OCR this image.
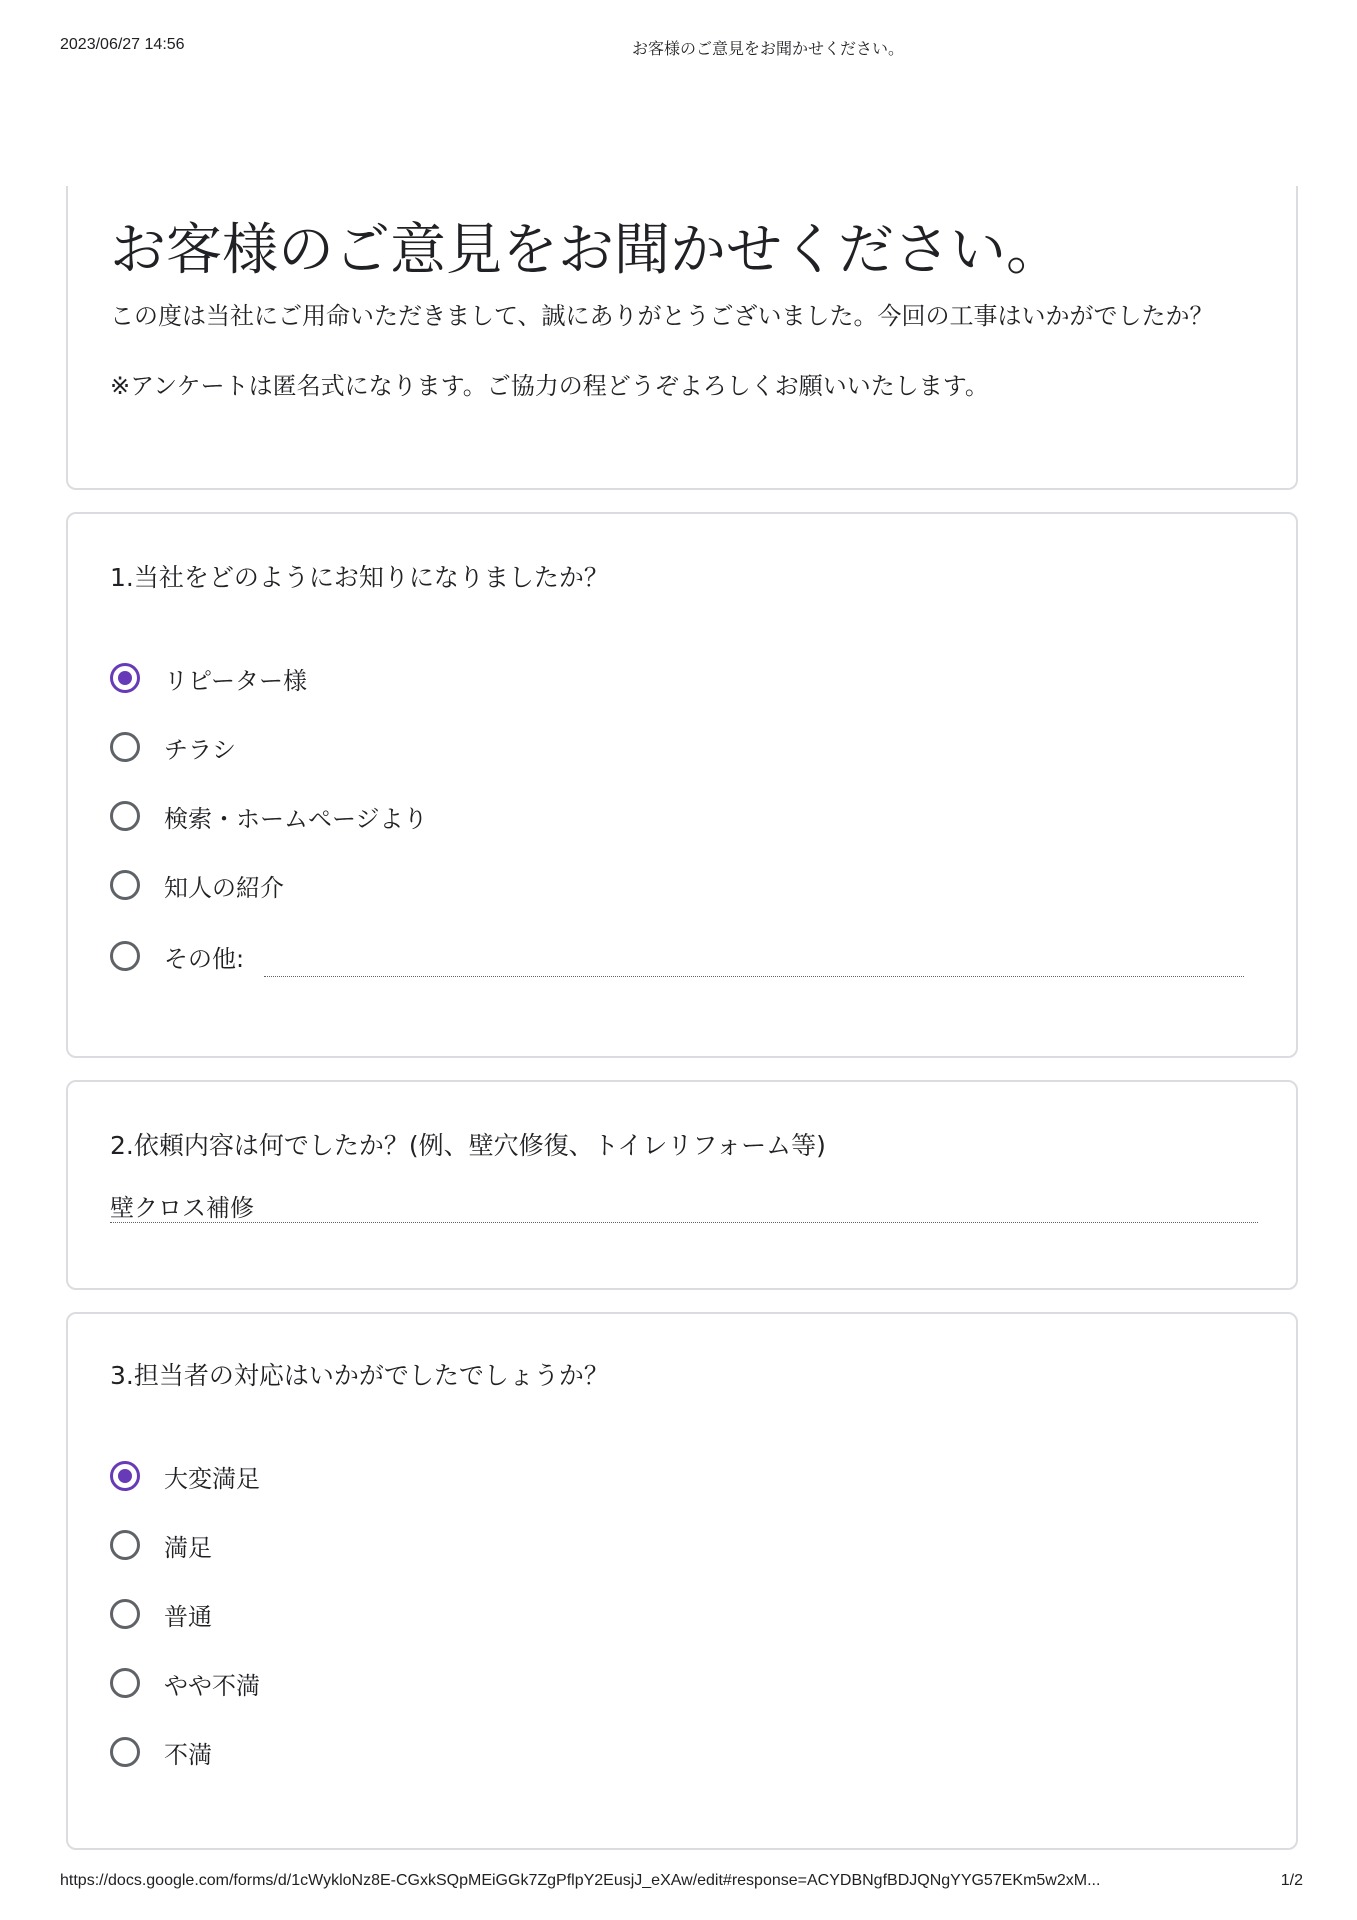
2023/06/27 14:56	お客様のご意見をお聞かせください。
お客様のご意見をお聞かせください。

この度は当社にご用命いただきまして、誠にありがとうございました。今回の工事はいかがでしたか？

※アンケートは匿名式になります。ご協力の程どうぞよろしくお願いいたします。

1.当社をどのようにお知りになりましたか？
リピーター様
チラシ
検索・ホームページより
知人の紹介
その他:
2.依頼内容は何でしたか？(例、壁穴修復、トイレリフォーム等)
壁クロス補修
3.担当者の対応はいかがでしたでしょうか？
大変満足
満足
普通
やや不満
不満
https://docs.google.com/forms/d/1cWykloNz8E-CGxkSQpMEiGGk7ZgPflpY2EusjJ_eXAw/edit#response=ACYDBNgfBDJQNgYYG57EKm5w2xM...	1/2
